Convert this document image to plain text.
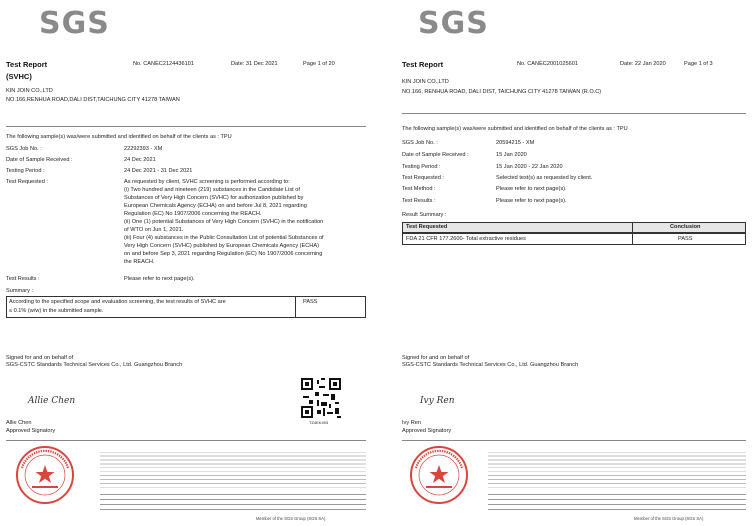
SGS
Test Report	No. CANEC2124436101	Date: 31 Dec 2021	Page 1 of 20
(SVHC)
KIN JOIN CO.,LTD
NO.166,RENHUA ROAD,DALI DIST,TAICHUNG CITY 41278 TAIWAN
The following sample(s) was/were submitted and identified on behalf of the clients as : TPU
SGS Job No. :	22292393 - XM
Date of Sample Received :	24 Dec 2021
Testing Period :	24 Dec 2021 - 31 Dec 2021
Test Requested :	As requested by client, SVHC screening is performed according to:
(i) Two hundred and nineteen (219) substances in the Candidate List of
Substances of Very High Concern (SVHC) for authorization published by
European Chemicals Agency (ECHA) on and before Jul 8, 2021 regarding
Regulation (EC) No 1907/2006 concerning the REACH.
(ii) One (1) potential Substances of Very High Concern (SVHC) in the notification
of WTO on Jun 1, 2021.
(iii) Four (4) substances in the Public Consultation List of potential Substances of
Very High Concern (SVHC) published by European Chemicals Agency (ECHA)
on and before Sep 3, 2021 regarding Regulation (EC) No 1907/2006 concerning
the REACH.
Test Results :	Please refer to next page(s).
Summary :
According to the specified scope and evaluation screening, the test results of SVHC are
≤ 0.1% (w/w) in the submitted sample.
PASS
Signed for and on behalf of
SGS-CSTC Standards Technical Services Co., Ltd. Guangzhou Branch
Allie Chen
Allie Chen
Approved Signatory
TZ4EK493
Member of the SGS Group (SGS SA)
SGS
Test Report	No. CANEC2001025601	Date: 22 Jan 2020	Page 1 of 3
KIN JOIN CO.,LTD
NO.166, RENHUA ROAD, DALI DIST, TAICHUNG CITY 41278 TAIWAN (R.O.C)
The following sample(s) was/were submitted and identified on behalf of the clients as : TPU
SGS Job No. :	20594215 - XM
Date of Sample Received :	15 Jan 2020
Testing Period :	15 Jan 2020 - 22 Jan 2020
Test Requested :	Selected test(s) as requested by client.
Test Method :	Please refer to next page(s).
Test Results :	Please refer to next page(s).
Result Summary :
Test Requested	Conclusion
FDA 21 CFR 177.2600- Total extractive residues	PASS
Signed for and on behalf of
SGS-CSTC Standards Technical Services Co., Ltd. Guangzhou Branch
Ivy Ren
Ivy Ren
Approved Signatory
Member of the SGS Group (SGS SA)
